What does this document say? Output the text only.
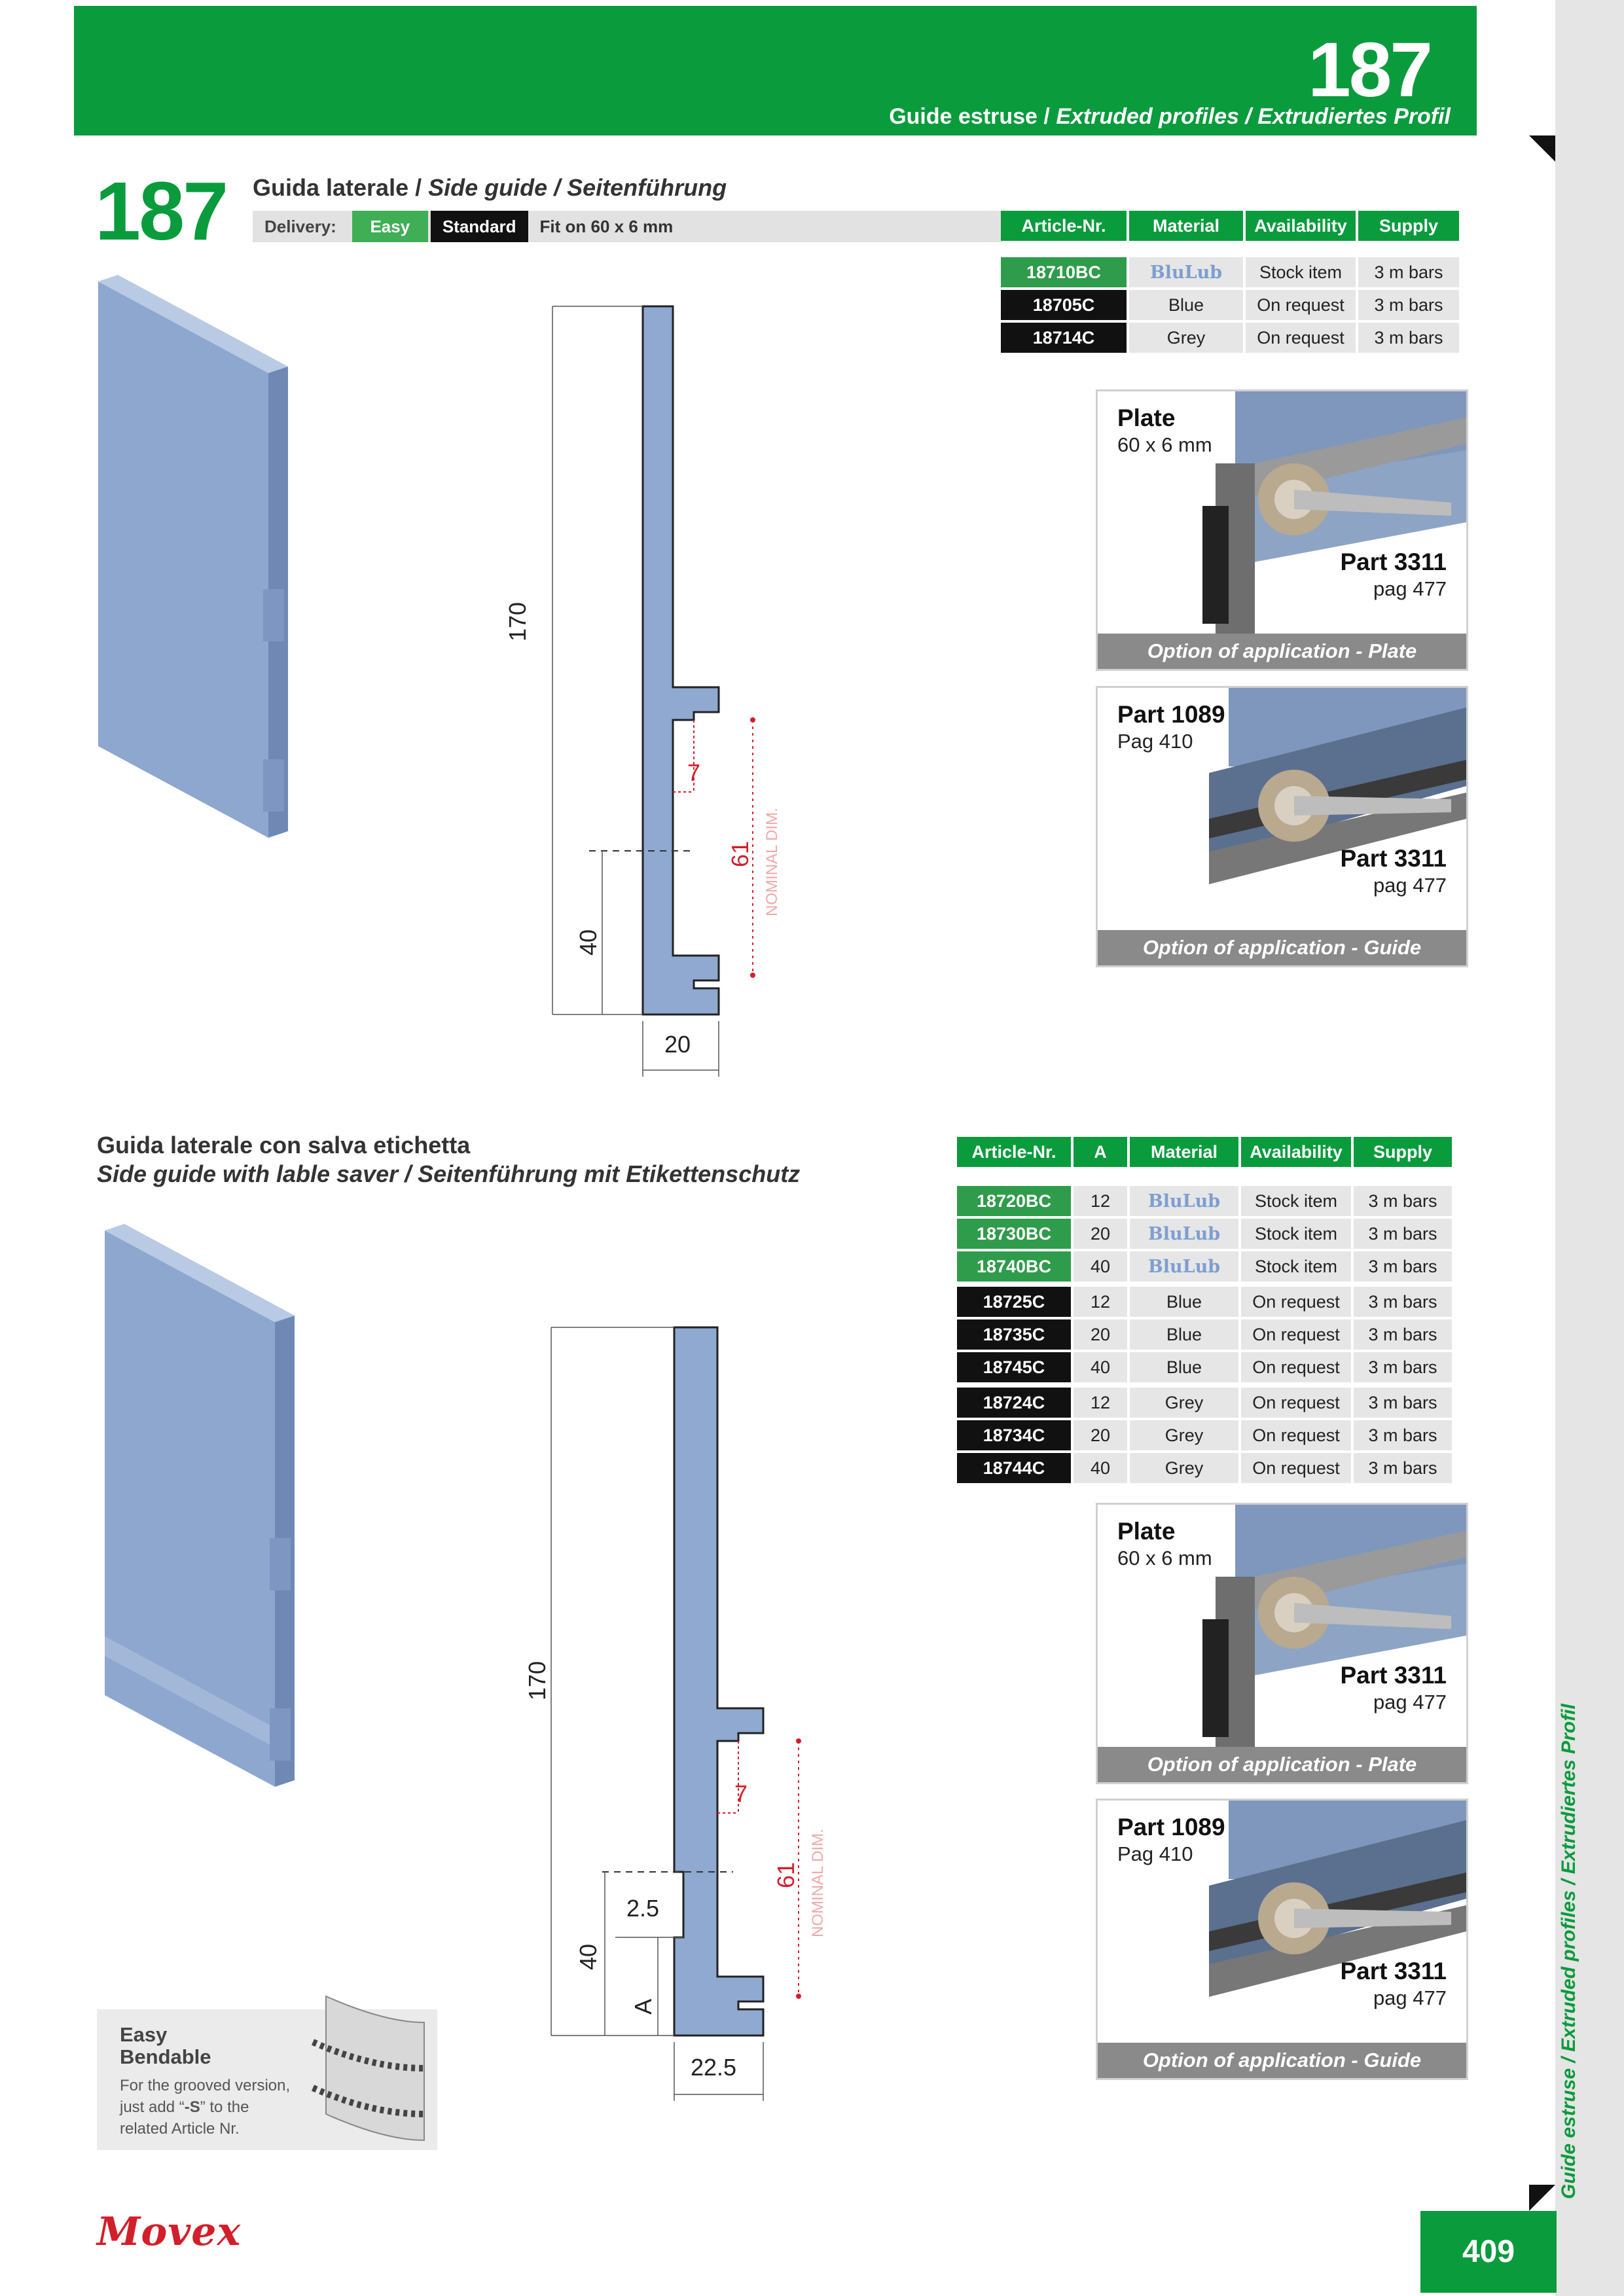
Guide estruse / Extruded profiles / Extrudiertes Profil
187
Guide estruse / Extruded profiles / Extrudiertes Profil
187 Guida laterale / Side guide / Seitenführung
Delivery:	Easy	Standard	Fit on 60 x 6 mm	Article-Nr.	Material	Availability	Supply
18710BC	BluLub	Stock item	3 m bars
18705C	Blue	On request	3 m bars
18714C	Grey	On request	3 m bars
170
40
7
61 NOMINAL DIM.
20
Plate
60 x 6 mm
Part 3311
pag 477
Option of application - Plate
Part 1089
Pag 410
Part 3311
pag 477
Option of application - Guide
Guida laterale con salva etichetta
Side guide with lable saver / Seitenführung mit Etikettenschutz
Article-Nr.	A	Material	Availability	Supply
18720BC	12	BluLub	Stock item	3 m bars
18730BC	20	BluLub	Stock item	3 m bars
18740BC	40	BluLub	Stock item	3 m bars
18725C	12	Blue	On request	3 m bars
18735C	20	Blue	On request	3 m bars
18745C	40	Blue	On request	3 m bars
18724C	12	Grey	On request	3 m bars
18734C	20	Grey	On request	3 m bars
18744C	40	Grey	On request	3 m bars
170
40
2.5
A
7
61 NOMINAL DIM.
22.5
Plate
60 x 6 mm
Part 3311
pag 477
Option of application - Plate
Part 1089
Pag 410
Part 3311
pag 477
Option of application - Guide
Easy
Bendable
For the grooved version,
just add “-S” to the
related Article Nr.
Movex	409
